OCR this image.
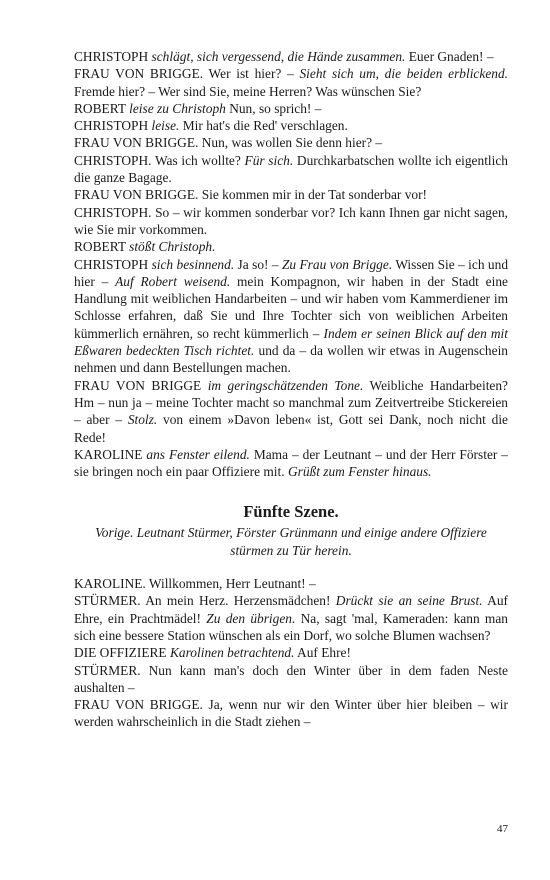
CHRISTOPH schlägt, sich vergessend, die Hände zusammen. Euer Gnaden! –

FRAU VON BRIGGE. Wer ist hier? – Sieht sich um, die beiden erblickend. Fremde hier? – Wer sind Sie, meine Herren? Was wünschen Sie?

ROBERT leise zu Christoph Nun, so sprich! –

CHRISTOPH leise. Mir hat's die Red' verschlagen.

FRAU VON BRIGGE. Nun, was wollen Sie denn hier? –

CHRISTOPH. Was ich wollte? Für sich. Durchkarbatschen wollte ich eigentlich die ganze Bagage.

FRAU VON BRIGGE. Sie kommen mir in der Tat sonderbar vor!

CHRISTOPH. So – wir kommen sonderbar vor? Ich kann Ihnen gar nicht sagen, wie Sie mir vorkommen.

ROBERT stößt Christoph.

CHRISTOPH sich besinnend. Ja so! – Zu Frau von Brigge. Wissen Sie – ich und hier – Auf Robert weisend. mein Kompagnon, wir haben in der Stadt eine Handlung mit weiblichen Handarbeiten – und wir haben vom Kammerdiener im Schlosse erfahren, daß Sie und Ihre Tochter sich von weiblichen Arbeiten kümmerlich ernähren, so recht kümmerlich – Indem er seinen Blick auf den mit Eßwaren bedeckten Tisch richtet. und da – da wollen wir etwas in Augenschein nehmen und dann Bestellungen machen.

FRAU VON BRIGGE im geringschätzenden Tone. Weibliche Handarbeiten? Hm – nun ja – meine Tochter macht so manchmal zum Zeitvertreibe Stickereien – aber – Stolz. von einem »Davon leben« ist, Gott sei Dank, noch nicht die Rede!

KAROLINE ans Fenster eilend. Mama – der Leutnant – und der Herr Förster – sie bringen noch ein paar Offiziere mit. Grüßt zum Fenster hinaus.

Fünfte Szene.
Vorige. Leutnant Stürmer, Förster Grünmann und einige andere Offiziere stürmen zu Tür herein.

KAROLINE. Willkommen, Herr Leutnant! –

STÜRMER. An mein Herz. Herzensmädchen! Drückt sie an seine Brust. Auf Ehre, ein Prachtmädel! Zu den übrigen. Na, sagt 'mal, Kameraden: kann man sich eine bessere Station wünschen als ein Dorf, wo solche Blumen wachsen?

DIE OFFIZIERE Karolinen betrachtend. Auf Ehre!

STÜRMER. Nun kann man's doch den Winter über in dem faden Neste aushalten –

FRAU VON BRIGGE. Ja, wenn nur wir den Winter über hier bleiben – wir werden wahrscheinlich in die Stadt ziehen –

47
